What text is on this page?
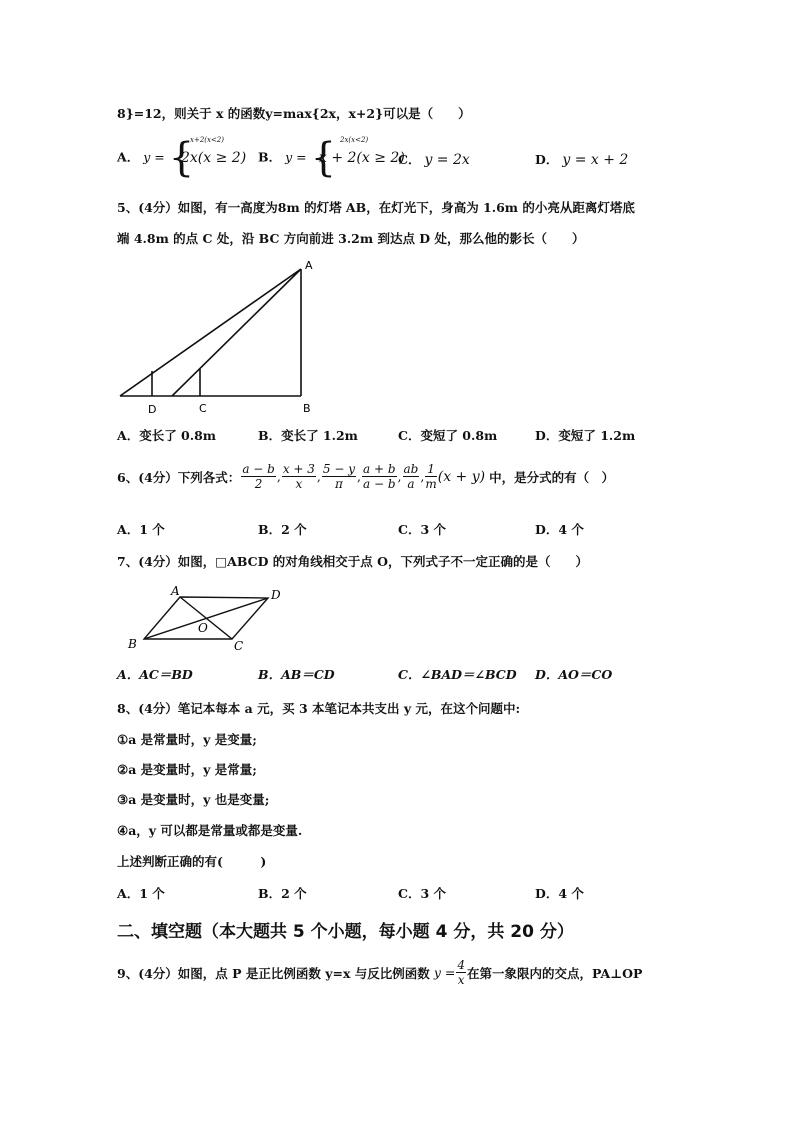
8}=12，则关于 x 的函数y=max{2x，x+2}可以是（　　）
A． y = {
x+2(x<2)
2x(x ≥ 2) B． y = { 2x(x<2)
x + 2(x ≥ 2)
C． y = 2x	D． y = x + 2
5、(4分）如图，有一高度为8m 的灯塔 AB，在灯光下，身高为 1.6m 的小亮从距离灯塔底
端 4.8m 的点 C 处，沿 BC 方向前进 3.2m 到达点 D 处，那么他的影长（　　）
A
B
C
D
A．变长了 0.8m	B．变长了 1.2m	C．变短了 0.8m	D．变短了 1.2m
6、(4分）下列各式： $\frac{a - b}{2}$ , $\frac{x + 3}{x}$ , $\frac{5 - y}{\pi}$ , $\frac{a + b}{a - b}$ , $\frac{ab}{a}$ , $\frac{1}{m} (x + y)$ 中，是分式的有（　）
A．1 个	B．2 个	C．3 个	D．4 个
7、(4分）如图，□ABCD 的对角线相交于点 O，下列式子不一定正确的是（　　）
A	D
B	C
O
A．AC＝BD	B．AB＝CD	C．∠BAD＝∠BCD D．AO＝CO
8、(4分）笔记本每本 a 元，买 3 本笔记本共支出 y 元，在这个问题中:
①a 是常量时，y 是变量;
②a 是变量时，y 是常量;
③a 是变量时，y 也是变量;
④a，y 可以都是常量或都是变量.
上述判断正确的有(　　　)
A．1 个	B．2 个	C．3 个	D．4 个
二、填空题（本大题共 5 个小题，每小题 4 分，共 20 分）
9、(4分）如图，点 P 是正比例函数 y=x 与反比例函数 $y = \frac{4}{x}$ 在第一象限内的交点，PA⊥OP
